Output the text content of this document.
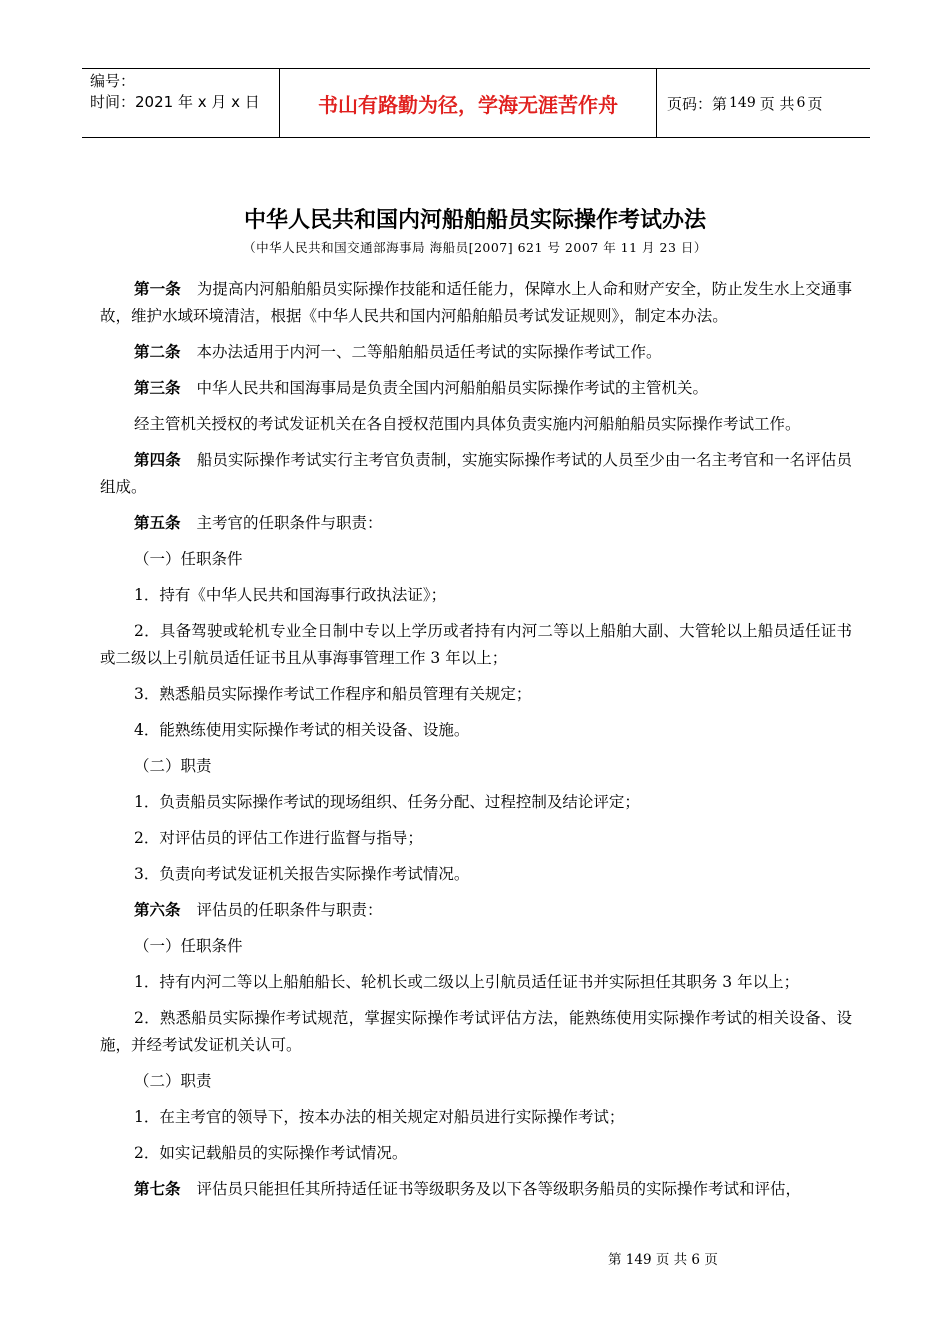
编号：
时间：2021 年 x 月 x 日	书山有路勤为径，学海无涯苦作舟	页码：第 149 页 共 6 页
中华人民共和国内河船舶船员实际操作考试办法
（中华人民共和国交通部海事局 海船员[2007] 621 号 2007 年 11 月 23 日）

第一条 为提高内河船舶船员实际操作技能和适任能力，保障水上人命和财产安全，防止发生水上交通事故，维护水域环境清洁，根据《中华人民共和国内河船舶船员考试发证规则》，制定本办法。

第二条 本办法适用于内河一、二等船舶船员适任考试的实际操作考试工作。

第三条 中华人民共和国海事局是负责全国内河船舶船员实际操作考试的主管机关。

经主管机关授权的考试发证机关在各自授权范围内具体负责实施内河船舶船员实际操作考试工作。

第四条 船员实际操作考试实行主考官负责制，实施实际操作考试的人员至少由一名主考官和一名评估员组成。

第五条 主考官的任职条件与职责：

（一）任职条件

1．持有《中华人民共和国海事行政执法证》；

2．具备驾驶或轮机专业全日制中专以上学历或者持有内河二等以上船舶大副、大管轮以上船员适任证书或二级以上引航员适任证书且从事海事管理工作 3 年以上；

3．熟悉船员实际操作考试工作程序和船员管理有关规定；

4．能熟练使用实际操作考试的相关设备、设施。

（二）职责

1．负责船员实际操作考试的现场组织、任务分配、过程控制及结论评定；

2．对评估员的评估工作进行监督与指导；

3．负责向考试发证机关报告实际操作考试情况。

第六条 评估员的任职条件与职责：

（一）任职条件

1．持有内河二等以上船舶船长、轮机长或二级以上引航员适任证书并实际担任其职务 3 年以上；

2．熟悉船员实际操作考试规范，掌握实际操作考试评估方法，能熟练使用实际操作考试的相关设备、设施，并经考试发证机关认可。

（二）职责

1．在主考官的领导下，按本办法的相关规定对船员进行实际操作考试；

2．如实记载船员的实际操作考试情况。

第七条 评估员只能担任其所持适任证书等级职务及以下各等级职务船员的实际操作考试和评估，

第 149 页 共 6 页
